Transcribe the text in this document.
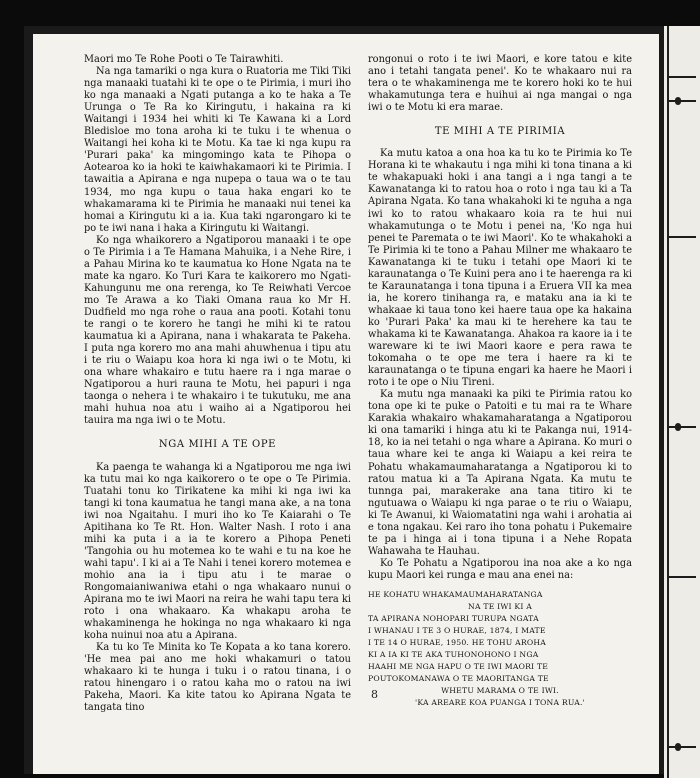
Maori mo Te Rohe Pooti o Te Tairawhiti.

Na nga tamariki o nga kura o Ruatoria me Tiki Tiki nga manaaki tuatahi ki te ope o te Pirimia, i muri iho ko nga manaaki a Ngati putanga a ko te haka a Te Urunga o Te Ra ko Kiringutu, i hakaina ra ki Waitangi i 1934 hei whiti ki Te Kawana ki a Lord Bledisloe mo tona aroha ki te tuku i te whenua o Waitangi hei koha ki te Motu. Ka tae ki nga kupu ra 'Purari paka' ka mingomingo kata te Pihopa o Aotearoa ko ia hoki te kaiwhakamaori ki te Pirimia. I tawaitia a Apirana e nga nupepa o taua wa o te tau 1934, mo nga kupu o taua haka engari ko te whakamarama ki te Pirimia he manaaki nui tenei ka homai a Kiringutu ki a ia. Kua taki ngarongaro ki te po te iwi nana i haka a Kiringutu ki Waitangi.

Ko nga whaikorero a Ngatiporou manaaki i te ope o Te Pirimia i a Te Hamana Mahuika, i a Nehe Rire, i a Pahau Mirina ko te kaumatua ko Hone Ngata na te mate ka ngaro. Ko Turi Kara te kaikorero mo Ngati-Kahungunu me ona rerenga, ko Te Reiwhati Vercoe mo Te Arawa a ko Tiaki Omana raua ko Mr H. Dudfield mo nga rohe o raua ana pooti. Kotahi tonu te rangi o te korero he tangi he mihi ki te ratou kaumatua ki a Apirana, nana i whakarata te Pakeha. I puta nga korero mo ana mahi ahuwhenua i tipu atu i te riu o Waiapu koa hora ki nga iwi o te Motu, ki ona whare whakairo e tutu haere ra i nga marae o Ngatiporou a huri rauna te Motu, hei papuri i nga taonga o nehera i te whakairo i te tukutuku, me ana mahi huhua noa atu i waiho ai a Ngatiporou hei tauira ma nga iwi o te Motu.

NGA MIHI A TE OPE

Ka paenga te wahanga ki a Ngatiporou me nga iwi ka tutu mai ko nga kaikorero o te ope o Te Pirimia. Tuatahi tonu ko Tirikatene ka mihi ki nga iwi ka tangi ki tona kaumatua he tangi mana ake, a na tona iwi noa Ngaitahu. I muri iho ko Te Kaiarahi o Te Apitihana ko Te Rt. Hon. Walter Nash. I roto i ana mihi ka puta i a ia te korero a Pihopa Peneti 'Tangohia ou hu motemea ko te wahi e tu na koe he wahi tapu'. I ki ai a Te Nahi i tenei korero motemea e mohio ana ia i tipu atu i te marae o Rongomaianiwaniwa etahi o nga whakaaro nunui o Apirana mo te iwi Maori na reira he wahi tapu tera ki roto i ona whakaaro. Ka whakapu aroha te whakaminenga he hokinga no nga whakaaro ki nga koha nuinui noa atu a Apirana.

Ka tu ko Te Minita ko Te Kopata a ko tana korero. 'He mea pai ano me hoki whakamuri o tatou whakaaro ki te hunga i tuku i o ratou tinana, i o ratou hinengaro i o ratou kaha mo o ratou na iwi Pakeha, Maori. Ka kite tatou ko Apirana Ngata te tangata tino

rongonui o roto i te iwi Maori, e kore tatou e kite ano i tetahi tangata penei'. Ko te whakaaro nui ra tera o te whakaminenga me te korero hoki ko te hui whakamutunga tera e huihui ai nga mangai o nga iwi o te Motu ki era marae.

TE MIHI A TE PIRIMIA

Ka mutu katoa a ona hoa ka tu ko te Pirimia ko Te Horana ki te whakautu i nga mihi ki tona tinana a ki te whakapuaki hoki i ana tangi a i nga tangi a te Kawanatanga ki to ratou hoa o roto i nga tau ki a Ta Apirana Ngata. Ko tana whakahoki ki te nguha a nga iwi ko to ratou whakaaro koia ra te hui nui whakamutunga o te Motu i penei na, 'Ko nga hui penei te Paremata o te iwi Maori'. Ko te whakahoki a Te Pirimia ki te tono a Pahau Milner me whakaaro te Kawanatanga ki te tuku i tetahi ope Maori ki te karaunatanga o Te Kuini pera ano i te haerenga ra ki te Karaunatanga i tona tipuna i a Eruera VII ka mea ia, he korero tinihanga ra, e mataku ana ia ki te whakaae ki taua tono kei haere taua ope ka hakaina ko 'Purari Paka' ka mau ki te herehere ka tau te whakama ki te Kawanatanga. Ahakoa ra kaore ia i te wareware ki te iwi Maori kaore e pera rawa te tokomaha o te ope me tera i haere ra ki te karaunatanga o te tipuna engari ka haere he Maori i roto i te ope o Niu Tireni.

Ka mutu nga manaaki ka piki te Pirimia ratou ko tona ope ki te puke o Patoiti e tu mai ra te Whare Karakia whakairo whakamaharatanga a Ngatiporou ki ona tamariki i hinga atu ki te Pakanga nui, 1914-18, ko ia nei tetahi o nga whare a Apirana. Ko muri o taua whare kei te anga ki Waiapu a kei reira te Pohatu whakamaumaharatanga a Ngatiporou ki to ratou matua ki a Ta Apirana Ngata. Ka mutu te tunnga pai, marakerake ana tana titiro ki te ngutuawa o Waiapu ki nga parae o te riu o Waiapu, ki Te Awanui, ki Waiomatatini nga wahi i arohatia ai e tona ngakau. Kei raro iho tona pohatu i Pukemaire te pa i hinga ai i tona tipuna i a Nehe Ropata Wahawaha te Hauhau.

Ko Te Pohatu a Ngatiporou ina noa ake a ko nga kupu Maori kei runga e mau ana enei na:

HE KOHATU WHAKAMAUMAHARATANGA
NA TE IWI KI A
TA APIRANA NOHOPARI TURUPA NGATA
I WHANAU I TE 3 O HURAE, 1874, I MATE
I TE 14 O HURAE, 1950. HE TOHU AROHA
KI A IA KI TE AKA TUHONOHONO I NGA
HAAHI ME NGA HAPU O TE IWI MAORI TE
POUTOKOMANAWA O TE MAORITANGA TE
WHETU MARAMA O TE IWI.
'KA AREARE KOA PUANGA I TONA RUA.'
8
